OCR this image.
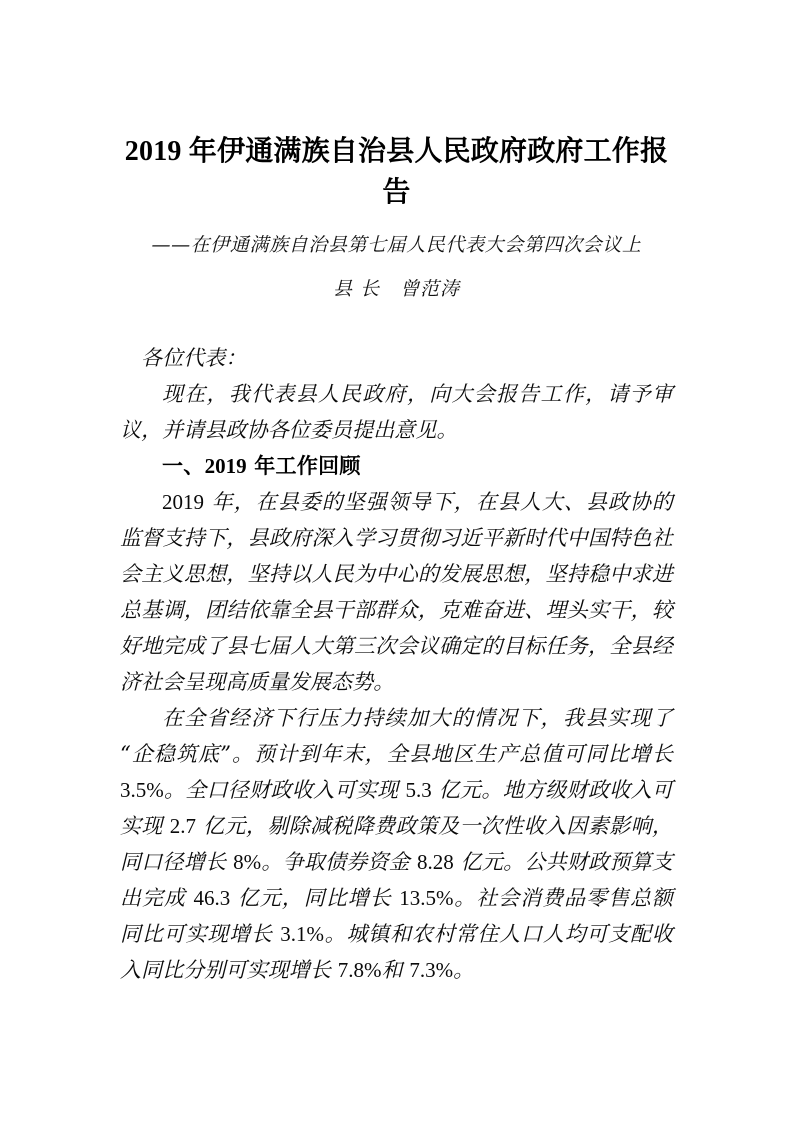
2019 年伊通满族自治县人民政府政府工作报告

——在伊通满族自治县第七届人民代表大会第四次会议上

县 长　曾范涛

各位代表：

现在，我代表县人民政府，向大会报告工作，请予审议，并请县政协各位委员提出意见。

一、2019 年工作回顾

2019 年，在县委的坚强领导下，在县人大、县政协的监督支持下，县政府深入学习贯彻习近平新时代中国特色社会主义思想，坚持以人民为中心的发展思想，坚持稳中求进总基调，团结依靠全县干部群众，克难奋进、埋头实干，较好地完成了县七届人大第三次会议确定的目标任务，全县经济社会呈现高质量发展态势。

在全省经济下行压力持续加大的情况下，我县实现了“企稳筑底”。预计到年末，全县地区生产总值可同比增长 3.5%。全口径财政收入可实现 5.3 亿元。地方级财政收入可实现 2.7 亿元，剔除减税降费政策及一次性收入因素影响，同口径增长 8%。争取债券资金 8.28 亿元。公共财政预算支出完成 46.3 亿元，同比增长 13.5%。社会消费品零售总额同比可实现增长 3.1%。城镇和农村常住人口人均可支配收入同比分别可实现增长 7.8%和 7.3%。
